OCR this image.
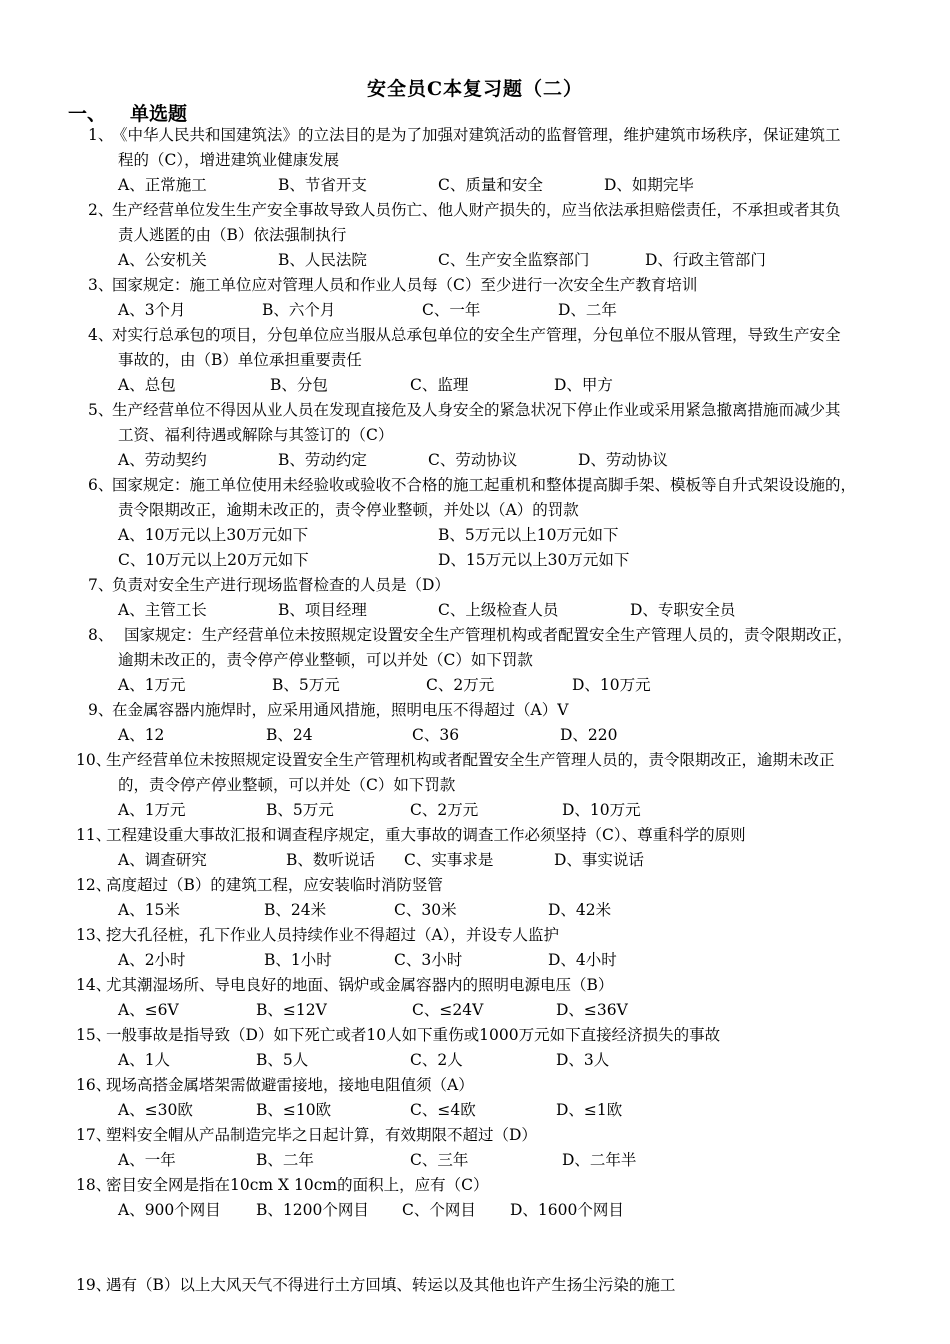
安全员C本复习题（二）
一、 单选题
1、《中华人民共和国建筑法》的立法目的是为了加强对建筑活动的监督管理，维护建筑市场秩序，保证建筑工
程的（C），增进建筑业健康发展
A、正常施工	B、节省开支	C、质量和安全	D、如期完毕
2、生产经营单位发生生产安全事故导致人员伤亡、他人财产损失的，应当依法承担赔偿责任，不承担或者其负
责人逃匿的由（B）依法强制执行
A、公安机关	B、人民法院	C、生产安全监察部门	D、行政主管部门
3、国家规定：施工单位应对管理人员和作业人员每（C）至少进行一次安全生产教育培训
A、3个月	B、六个月	C、一年	D、二年
4、对实行总承包的项目，分包单位应当服从总承包单位的安全生产管理，分包单位不服从管理，导致生产安全
事故的，由（B）单位承担重要责任
A、总包	B、分包	C、监理	D、甲方
5、生产经营单位不得因从业人员在发现直接危及人身安全的紧急状况下停止作业或采用紧急撤离措施而减少其
工资、福利待遇或解除与其签订的（C）
A、劳动契约	B、劳动约定	C、劳动协议	D、劳动协议
6、国家规定：施工单位使用未经验收或验收不合格的施工起重机和整体提高脚手架、模板等自升式架设设施的，
责令限期改正，逾期未改正的，责令停业整顿，并处以（A）的罚款
A、10万元以上30万元如下	B、5万元以上10万元如下
C、10万元以上20万元如下	D、15万元以上30万元如下
7、负责对安全生产进行现场监督检查的人员是（D）
A、主管工长	B、项目经理	C、上级检查人员	D、专职安全员
8、 国家规定：生产经营单位未按照规定设置安全生产管理机构或者配置安全生产管理人员的，责令限期改正，
逾期未改正的，责令停产停业整顿，可以并处（C）如下罚款
A、1万元	B、5万元	C、2万元	D、10万元
9、在金属容器内施焊时，应采用通风措施，照明电压不得超过（A）V
A、12	B、24	C、36	D、220
10、生产经营单位未按照规定设置安全生产管理机构或者配置安全生产管理人员的，责令限期改正，逾期未改正
的，责令停产停业整顿，可以并处（C）如下罚款
A、1万元	B、5万元	C、2万元	D、10万元
11、工程建设重大事故汇报和调查程序规定，重大事故的调查工作必须坚持（C）、尊重科学的原则
A、调查研究	B、数听说话 C、实事求是	D、事实说话
12、高度超过（B）的建筑工程，应安装临时消防竖管
A、15米	B、24米	C、30米	D、42米
13、挖大孔径桩，孔下作业人员持续作业不得超过（A），并设专人监护
A、2小时	B、1小时	C、3小时	D、4小时
14、尤其潮湿场所、导电良好的地面、锅炉或金属容器内的照明电源电压（B）
A、≤6V	B、≤12V	C、≤24V	D、≤36V
15、一般事故是指导致（D）如下死亡或者10人如下重伤或1000万元如下直接经济损失的事故
A、1人	B、5人	C、2人	D、3人
16、现场高搭金属塔架需做避雷接地，接地电阻值须（A）
A、≤30欧	B、≤10欧	C、≤4欧	D、≤1欧
17、塑料安全帽从产品制造完毕之日起计算，有效期限不超过（D）
A、一年	B、二年	C、三年	D、二年半
18、密目安全网是指在10cm X 10cm的面积上，应有（C）
A、900个网目 B、1200个网目 C、个网目 D、1600个网目
19、遇有（B）以上大风天气不得进行土方回填、转运以及其他也许产生扬尘污染的施工
